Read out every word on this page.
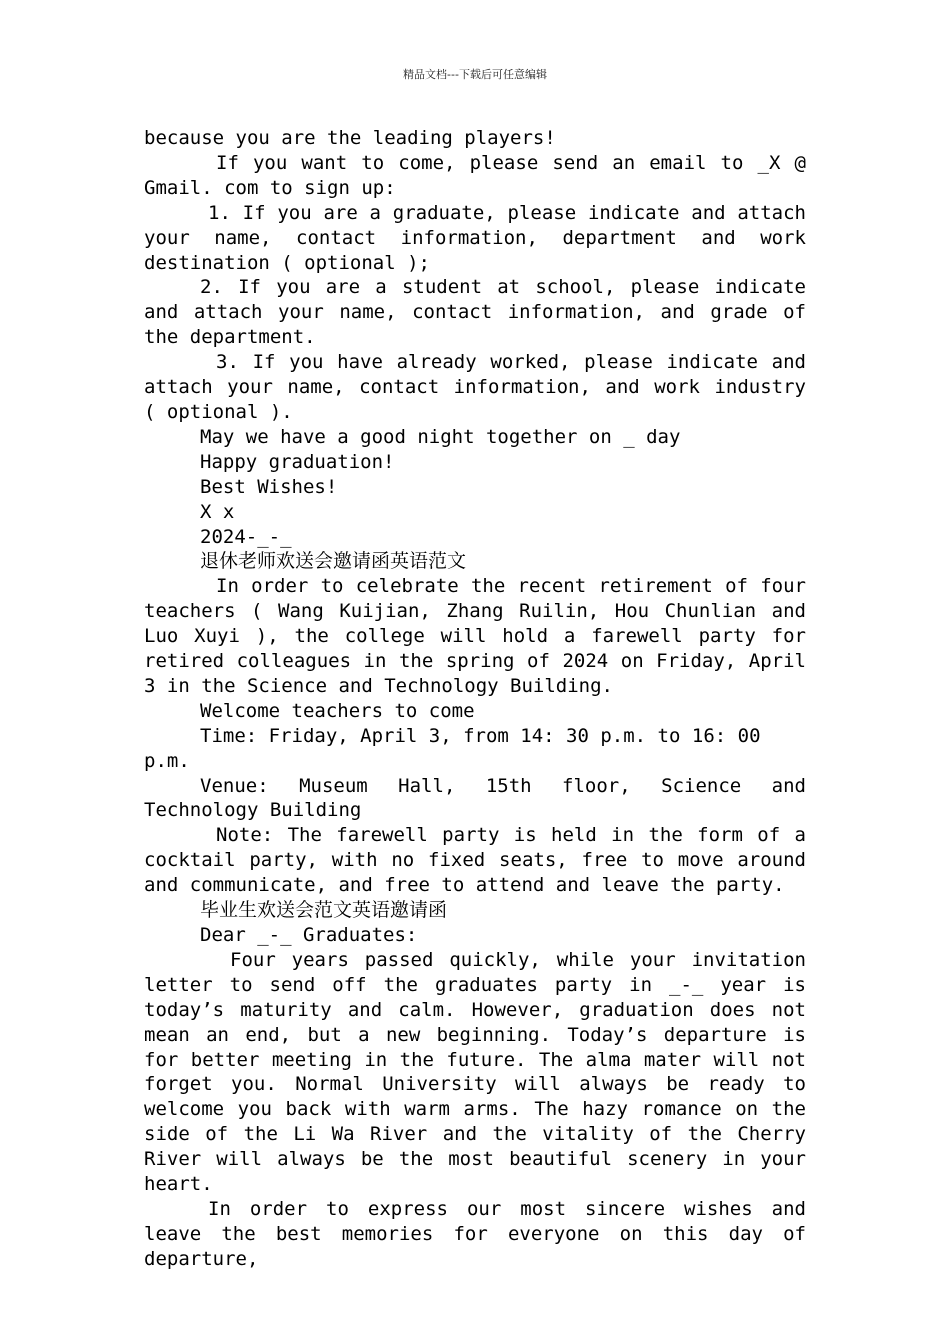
精品文档---下载后可任意编辑

because you are the leading players!

If you want to come, please send an email to _X @ Gmail. com to sign up:

1. If you are a graduate, please indicate and attach your name, contact information, department and work destination ( optional );

2. If you are a student at school, please indicate and attach your name, contact information, and grade of the department.

3. If you have already worked, please indicate and attach your name, contact information, and work industry ( optional ).

May we have a good night together on _ day

Happy graduation!

Best Wishes!

X x

2024-_-_

退休老师欢送会邀请函英语范文

In order to celebrate the recent retirement of four teachers ( Wang Kuijian, Zhang Ruilin, Hou Chunlian and Luo Xuyi ), the college will hold a farewell party for retired colleagues in the spring of 2024 on Friday, April 3 in the Science and Technology Building.

Welcome teachers to come

Time: Friday, April 3, from 14: 30 p.m. to 16: 00 p.m.

Venue: Museum Hall, 15th floor, Science and Technology Building

Note: The farewell party is held in the form of a cocktail party, with no fixed seats, free to move around and communicate, and free to attend and leave the party.

毕业生欢送会范文英语邀请函

Dear _-_ Graduates:

Four years passed quickly, while your invitation letter to send off the graduates party in _-_ year is today’s maturity and calm. However, graduation does not mean an end, but a new beginning. Today’s departure is for better meeting in the future. The alma mater will not forget you. Normal University will always be ready to welcome you back with warm arms. The hazy romance on the side of the Li Wa River and the vitality of the Cherry River will always be the most beautiful scenery in your heart.

In order to express our most sincere wishes and leave the best memories for everyone on this day of departure,
